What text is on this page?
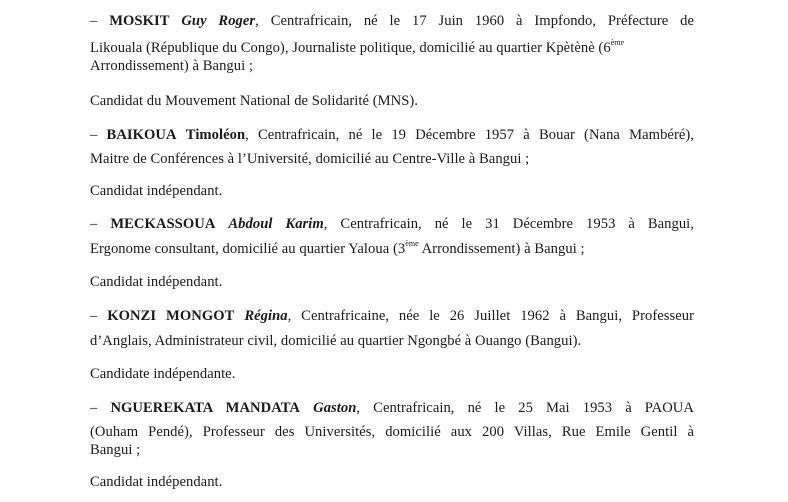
– MOSKIT Guy Roger, Centrafricain, né le 17 Juin 1960 à Impfondo, Préfecture de
Likouala (République du Congo), Journaliste politique, domicilié au quartier Kpètènè (6ème
Arrondissement) à Bangui ;
Candidat du Mouvement National de Solidarité (MNS).
– BAIKOUA Timoléon, Centrafricain, né le 19 Décembre 1957 à Bouar (Nana Mambéré),
Maitre de Conférences à l’Université, domicilié au Centre-Ville à Bangui ;
Candidat indépendant.
– MECKASSOUA Abdoul Karim, Centrafricain, né le 31 Décembre 1953 à Bangui,
Ergonome consultant, domicilié au quartier Yaloua (3ème Arrondissement) à Bangui ;
Candidat indépendant.
– KONZI MONGOT Régina, Centrafricaine, née le 26 Juillet 1962 à Bangui, Professeur
d’Anglais, Administrateur civil, domicilié au quartier Ngongbé à Ouango (Bangui).
Candidate indépendante.
– NGUEREKATA MANDATA Gaston, Centrafricain, né le 25 Mai 1953 à PAOUA
(Ouham Pendé), Professeur des Universités, domicilié aux 200 Villas, Rue Emile Gentil à
Bangui ;
Candidat indépendant.
